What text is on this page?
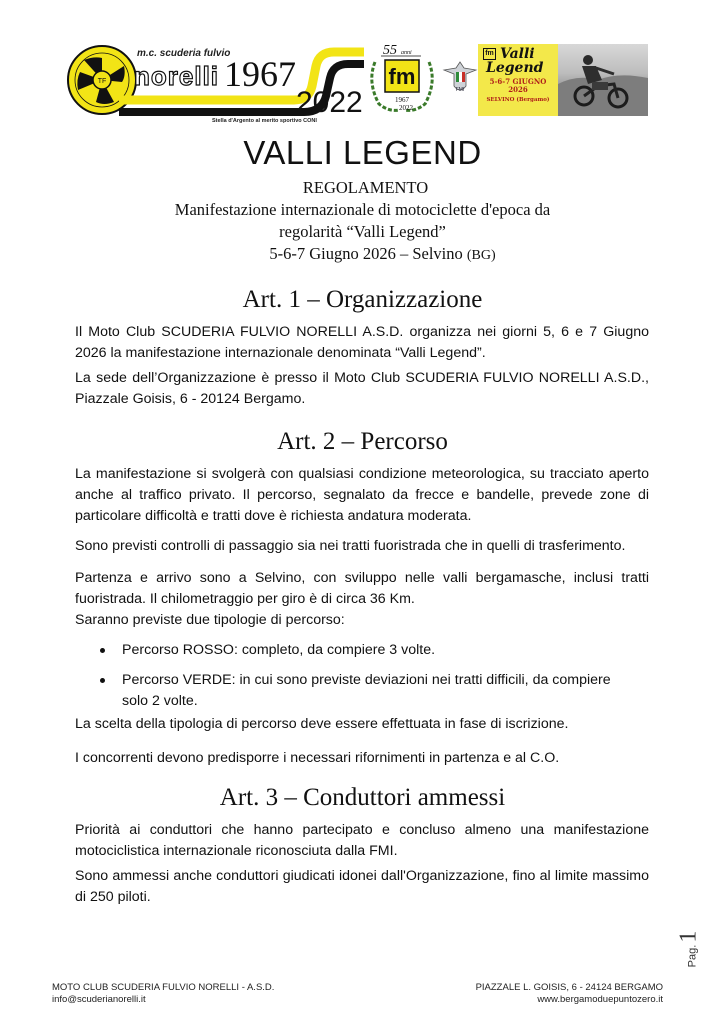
TF
m.c. scuderia fulvio
norelli 1967
2022
Stella d'Argento al merito sportivo CONI
55 anni
fm
1967
2022
FMI
fm Valli
Legend
5-6-7 GIUGNO
2026
SELVINO (Bergamo)
VALLI LEGEND
REGOLAMENTO
Manifestazione internazionale di motociclette d'epoca da
regolarità “Valli Legend”
5-6-7 Giugno 2026 – Selvino (BG)
Art. 1 – Organizzazione
Il Moto Club SCUDERIA FULVIO NORELLI A.S.D. organizza nei giorni 5, 6 e 7 Giugno 2026 la manifestazione internazionale denominata “Valli Legend”.
La sede dell’Organizzazione è presso il Moto Club SCUDERIA FULVIO NORELLI A.S.D., Piazzale Goisis, 6 - 20124 Bergamo.
Art. 2 – Percorso
La manifestazione si svolgerà con qualsiasi condizione meteorologica, su tracciato aperto anche al traffico privato. Il percorso, segnalato da frecce e bandelle, prevede zone di particolare difficoltà e tratti dove è richiesta andatura moderata.
Sono previsti controlli di passaggio sia nei tratti fuoristrada che in quelli di trasferimento.
Partenza e arrivo sono a Selvino, con sviluppo nelle valli bergamasche, inclusi tratti fuoristrada. Il chilometraggio per giro è di circa 36 Km.
Saranno previste due tipologie di percorso:
Percorso ROSSO: completo, da compiere 3 volte.
Percorso VERDE: in cui sono previste deviazioni nei tratti difficili, da compiere solo 2 volte.
La scelta della tipologia di percorso deve essere effettuata in fase di iscrizione.
I concorrenti devono predisporre i necessari rifornimenti in partenza e al C.O.
Art. 3 – Conduttori ammessi
Priorità ai conduttori che hanno partecipato e concluso almeno una manifestazione motociclistica internazionale riconosciuta dalla FMI.
Sono ammessi anche conduttori giudicati idonei dall'Organizzazione, fino al limite massimo di 250 piloti.
Pag.1
MOTO CLUB SCUDERIA FULVIO NORELLI - A.S.D.
info@scuderianorelli.it
PIAZZALE L. GOISIS, 6 - 24124 BERGAMO
www.bergamoduepuntozero.it
